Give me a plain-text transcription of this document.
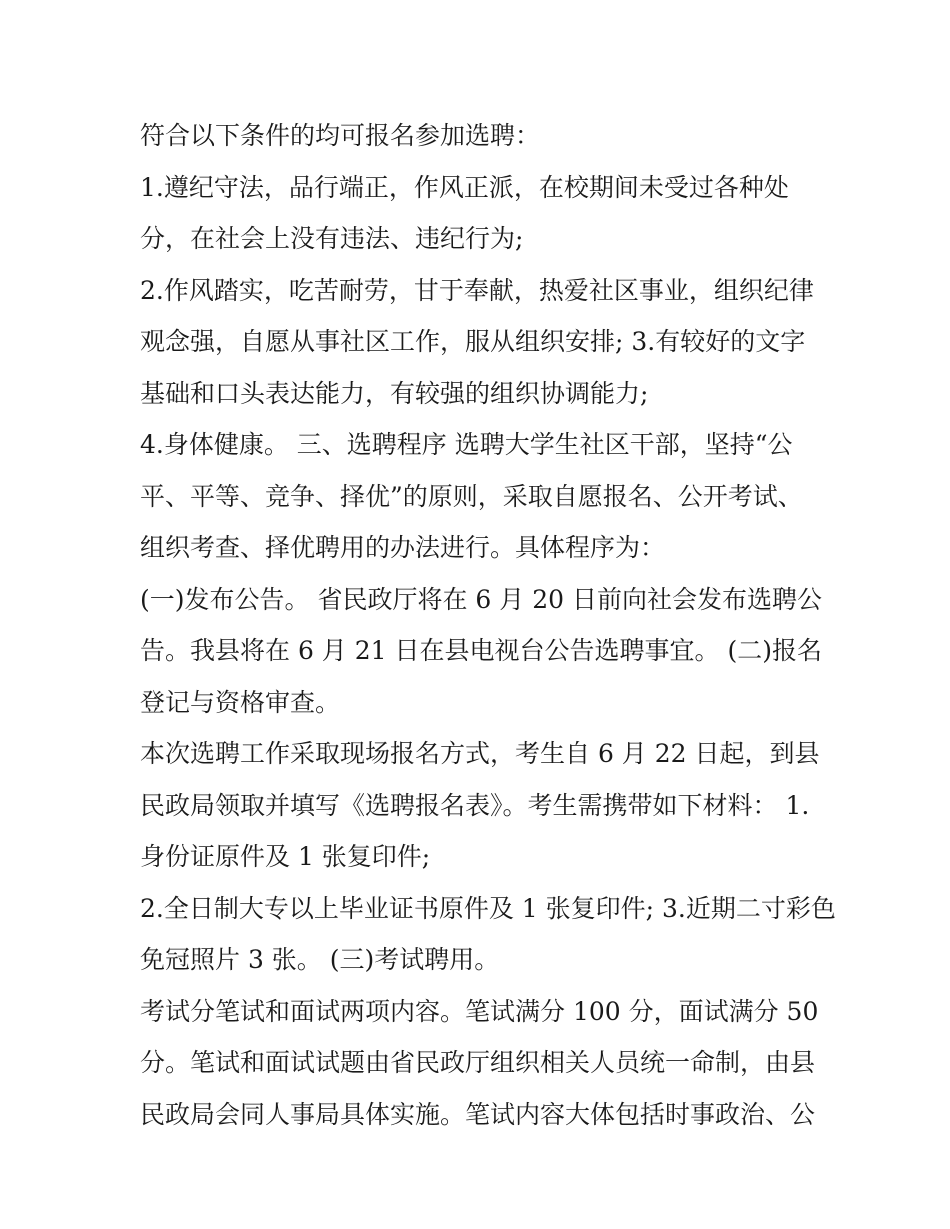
符合以下条件的均可报名参加选聘：
1.遵纪守法，品行端正，作风正派，在校期间未受过各种处
分，在社会上没有违法、违纪行为;
2.作风踏实，吃苦耐劳，甘于奉献，热爱社区事业，组织纪律
观念强，自愿从事社区工作，服从组织安排; 3.有较好的文字
基础和口头表达能力，有较强的组织协调能力;
4.身体健康。 三、选聘程序 选聘大学生社区干部，坚持“公
平、平等、竞争、择优”的原则，采取自愿报名、公开考试、
组织考查、择优聘用的办法进行。具体程序为：
(一)发布公告。 省民政厅将在 6 月 20 日前向社会发布选聘公
告。我县将在 6 月 21 日在县电视台公告选聘事宜。 (二)报名
登记与资格审查。
本次选聘工作采取现场报名方式，考生自 6 月 22 日起，到县
民政局领取并填写《选聘报名表》。考生需携带如下材料： 1.
身份证原件及 1 张复印件;
2.全日制大专以上毕业证书原件及 1 张复印件; 3.近期二寸彩色
免冠照片 3 张。 (三)考试聘用。
考试分笔试和面试两项内容。笔试满分 100 分，面试满分 50
分。笔试和面试试题由省民政厅组织相关人员统一命制，由县
民政局会同人事局具体实施。笔试内容大体包括时事政治、公
